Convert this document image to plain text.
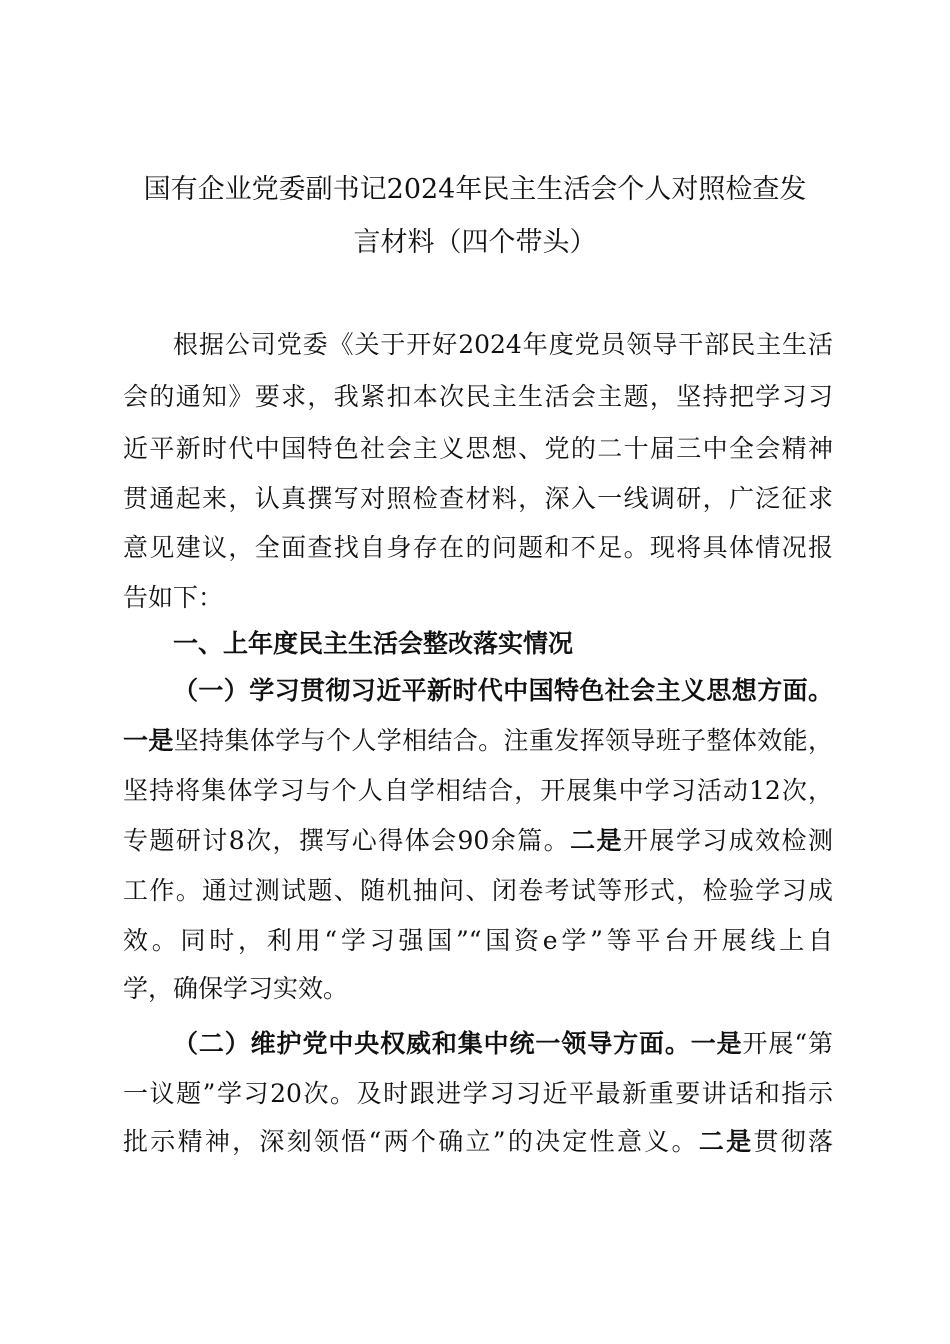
国有企业党委副书记2024年民主生活会个人对照检查发
言材料（四个带头）
根据公司党委《关于开好2024年度党员领导干部民主生活
会的通知》要求，我紧扣本次民主生活会主题，坚持把学习习
近平新时代中国特色社会主义思想、党的二十届三中全会精神
贯通起来，认真撰写对照检查材料，深入一线调研，广泛征求
意见建议，全面查找自身存在的问题和不足。现将具体情况报
告如下：
一、上年度民主生活会整改落实情况
（一）学习贯彻习近平新时代中国特色社会主义思想方面。
一是坚持集体学与个人学相结合。注重发挥领导班子整体效能，
坚持将集体学习与个人自学相结合，开展集中学习活动12次，
专题研讨8次，撰写心得体会90余篇。二是开展学习成效检测
工作。通过测试题、随机抽问、闭卷考试等形式，检验学习成
效。同时，利用“学习强国”“国资e学”等平台开展线上自
学，确保学习实效。
（二）维护党中央权威和集中统一领导方面。一是开展“第
一议题”学习20次。及时跟进学习习近平最新重要讲话和指示
批示精神，深刻领悟“两个确立”的决定性意义。二是贯彻落
